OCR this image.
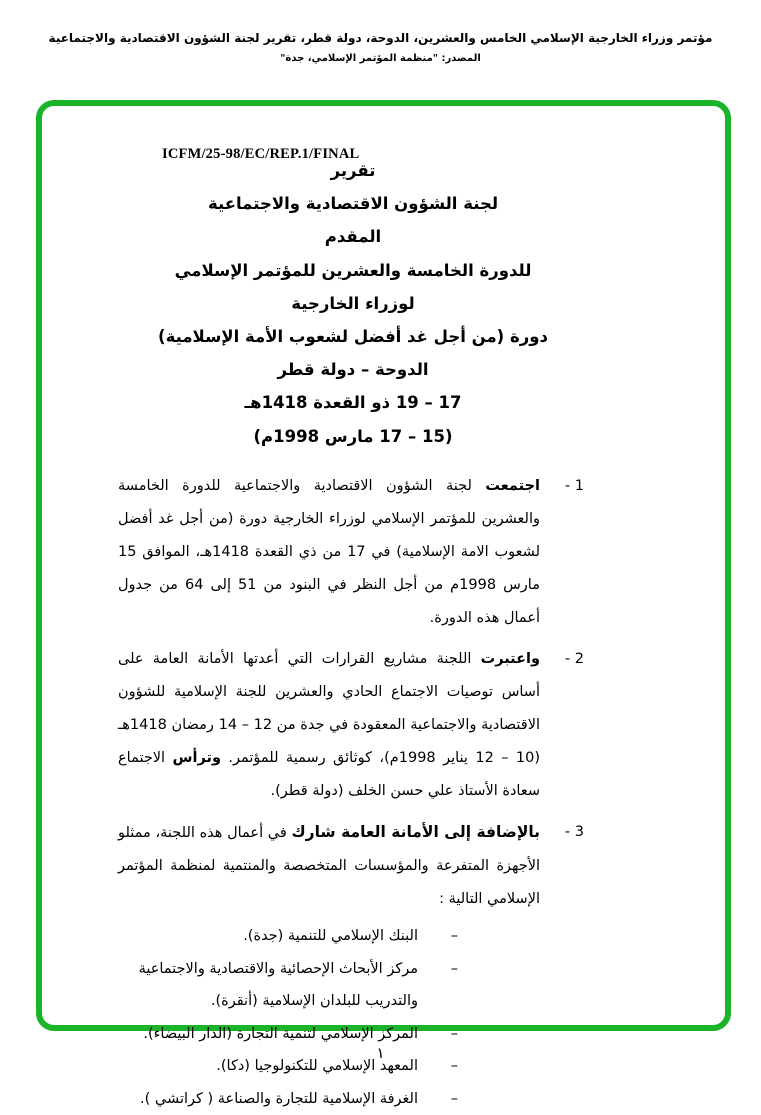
مؤتمر وزراء الخارجية الإسلامي الخامس والعشرين، الدوحة، دولة قطر، تقرير لجنة الشؤون الاقتصادية والاجتماعية
المصدر: "منظمة المؤتمر الإسلامي، جدة"
ICFM/25-98/EC/REP.1/FINAL
تقرير
لجنة الشؤون الاقتصادية والاجتماعية
المقدم
للدورة الخامسة والعشرين للمؤتمر الإسلامي
لوزراء الخارجية
دورة (من أجل غد أفضل لشعوب الأمة الإسلامية)
الدوحة – دولة قطر
17 – 19 ذو القعدة 1418هـ
(15 – 17 مارس 1998م)
1 -
اجتمعت لجنة الشؤون الاقتصادية والاجتماعية للدورة الخامسة والعشرين للمؤتمر الإسلامي لوزراء الخارجية دورة (من أجل غد أفضل لشعوب الامة الإسلامية) في 17 من ذي القعدة 1418هـ، الموافق 15 مارس 1998م من أجل النظر في البنود من 51 إلى 64 من جدول أعمال هذه الدورة.
2 -
واعتبرت اللجنة مشاريع القرارات التي أعدتها الأمانة العامة على أساس توصيات الاجتماع الحادي والعشرين للجنة الإسلامية للشؤون الاقتصادية والاجتماعية المعقودة في جدة من 12 – 14 رمضان 1418هـ (10 – 12 يناير 1998م)، كوثائق رسمية للمؤتمر. وترأس الاجتماع سعادة الأستاذ علي حسن الخلف (دولة قطر).
3 -
بالإضافة إلى الأمانة العامة شارك في أعمال هذه اللجنة، ممثلو الأجهزة المتفرعة والمؤسسات المتخصصة والمنتمية لمنظمة المؤتمر الإسلامي التالية :
–
البنك الإسلامي للتنمية (جدة).
–
مركز الأبحاث الإحصائية والاقتصادية والاجتماعية والتدريب للبلدان الإسلامية (أنقرة).
–
المركز الإسلامي لتنمية التجارة (الدار البيضاء).
–
المعهد الإسلامي للتكنولوجيا (دكا).
–
الغرفة الإسلامية للتجارة والصناعة ( كراتشي ).
١
